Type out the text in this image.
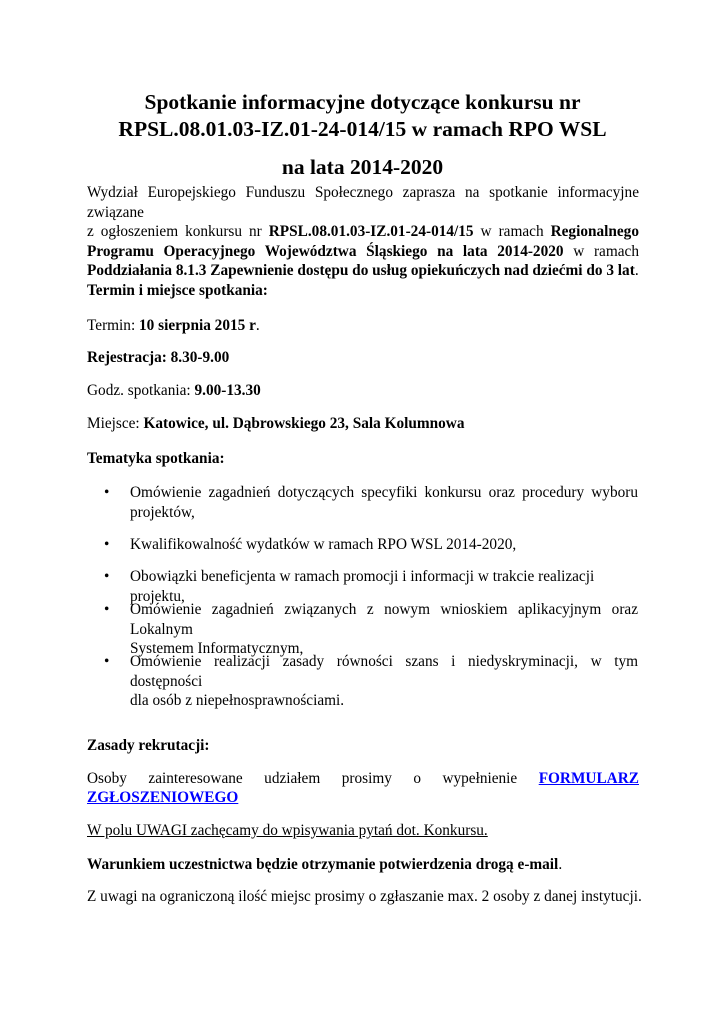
Spotkanie informacyjne dotyczące konkursu nr
RPSL.08.01.03-IZ.01-24-014/15 w ramach RPO WSL
na lata 2014-2020
Wydział Europejskiego Funduszu Społecznego zaprasza na spotkanie informacyjne związane
z ogłoszeniem konkursu nr RPSL.08.01.03-IZ.01-24-014/15 w ramach Regionalnego
Programu Operacyjnego Województwa Śląskiego na lata 2014-2020 w ramach
Poddziałania 8.1.3 Zapewnienie dostępu do usług opiekuńczych nad dziećmi do 3 lat.
Termin i miejsce spotkania:
Termin: 10 sierpnia 2015 r.
Rejestracja: 8.30-9.00
Godz. spotkania: 9.00-13.30
Miejsce: Katowice, ul. Dąbrowskiego 23, Sala Kolumnowa
Tematyka spotkania:
• Omówienie zagadnień dotyczących specyfiki konkursu oraz procedury wyboru
projektów,
• Kwalifikowalność wydatków w ramach RPO WSL 2014-2020,
• Obowiązki beneficjenta w ramach promocji i informacji w trakcie realizacji projektu,
• Omówienie zagadnień związanych z nowym wnioskiem aplikacyjnym oraz Lokalnym
Systemem Informatycznym,
• Omówienie realizacji zasady równości szans i niedyskryminacji, w tym dostępności
dla osób z niepełnosprawnościami.
Zasady rekrutacji:
Osoby zainteresowane udziałem prosimy o wypełnienie FORMULARZ
ZGŁOSZENIOWEGO
W polu UWAGI zachęcamy do wpisywania pytań dot. Konkursu.
Warunkiem uczestnictwa będzie otrzymanie potwierdzenia drogą e-mail.
Z uwagi na ograniczoną ilość miejsc prosimy o zgłaszanie max. 2 osoby z danej instytucji.
